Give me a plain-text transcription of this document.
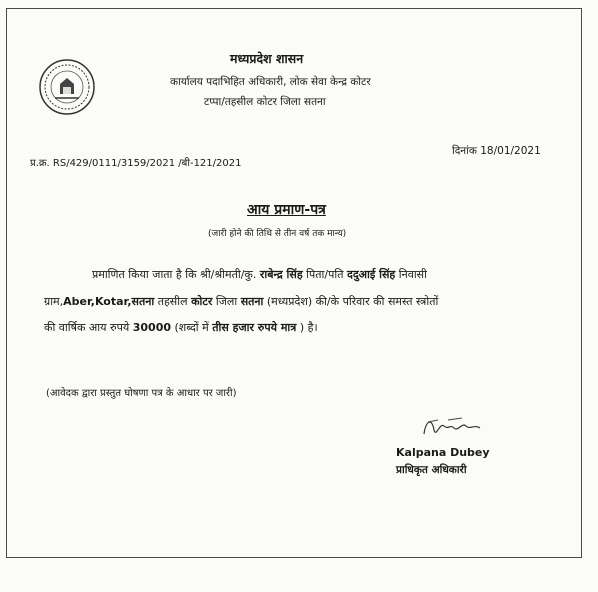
मध्यप्रदेश शासन
कार्यालय पदाभिहित अधिकारी, लोक सेवा केन्द्र कोटर
टप्पा/तहसील कोटर जिला सतना
प्र.क्र. RS/429/0111/3159/2021 /बी-121/2021
दिनांक 18/01/2021
आय प्रमाण-पत्र
(जारी होने की तिथि से तीन वर्ष तक मान्य)
प्रमाणित किया जाता है कि श्री/श्रीमती/कु. राबेन्द्र सिंह पिता/पति ददुआई सिंह निवासी
ग्राम,Aber,Kotar,सतना तहसील कोटर जिला सतना (मध्यप्रदेश) की/के परिवार की समस्त स्त्रोतों
की वार्षिक आय रुपये 30000 (शब्दों में तीस हजार रुपये मात्र ) है।
(आवेदक द्वारा प्रस्तुत घोषणा पत्र के आधार पर जारी)
Kalpana Dubey
प्राधिकृत अधिकारी
